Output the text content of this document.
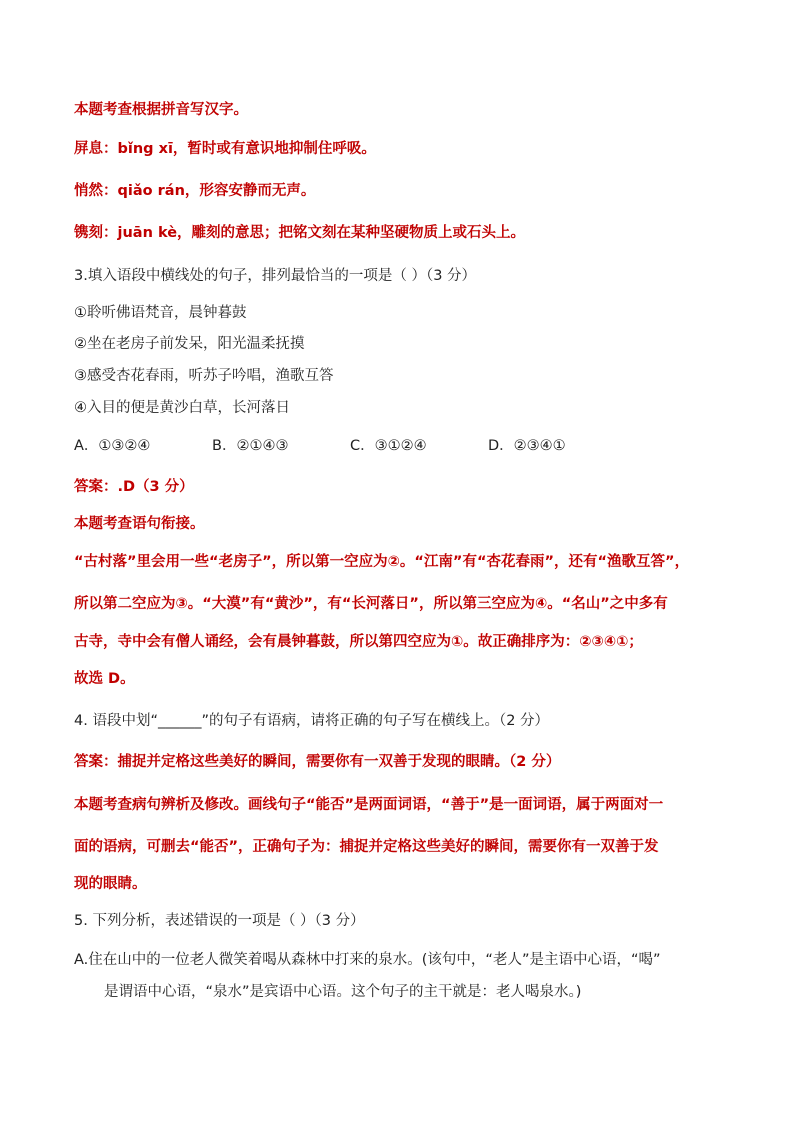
本题考查根据拼音写汉字。
屏息：bǐng xī，暂时或有意识地抑制住呼吸。
悄然：qiǎo rán，形容安静而无声。
镌刻：juān kè，雕刻的意思；把铭文刻在某种坚硬物质上或石头上。
3.填入语段中横线处的句子，排列最恰当的一项是（ ）（3 分）
①聆听佛语梵音，晨钟暮鼓
②坐在老房子前发呆，阳光温柔抚摸
③感受杏花春雨，听苏子吟唱，渔歌互答
④入目的便是黄沙白草，长河落日
A．①③②④	B．②①④③	C．③①②④	D．②③④①
答案：.D（3 分）
本题考查语句衔接。
“古村落”里会用一些“老房子”，所以第一空应为②。“江南”有“杏花春雨”，还有“渔歌互答”，
所以第二空应为③。“大漠”有“黄沙”，有“长河落日”，所以第三空应为④。“名山”之中多有
古寺，寺中会有僧人诵经，会有晨钟暮鼓，所以第四空应为①。故正确排序为：②③④①；
故选 D。
4. 语段中划“______”的句子有语病，请将正确的句子写在横线上。（2 分）
答案：捕捉并定格这些美好的瞬间，需要你有一双善于发现的眼睛。（2 分）
本题考查病句辨析及修改。画线句子“能否”是两面词语，“善于”是一面词语，属于两面对一
面的语病，可删去“能否”，正确句子为：捕捉并定格这些美好的瞬间，需要你有一双善于发
现的眼睛。
5. 下列分析，表述错误的一项是（ ）（3 分）
A.住在山中的一位老人微笑着喝从森林中打来的泉水。(该句中，“老人”是主语中心语，“喝”
是谓语中心语，“泉水”是宾语中心语。这个句子的主干就是：老人喝泉水。)
